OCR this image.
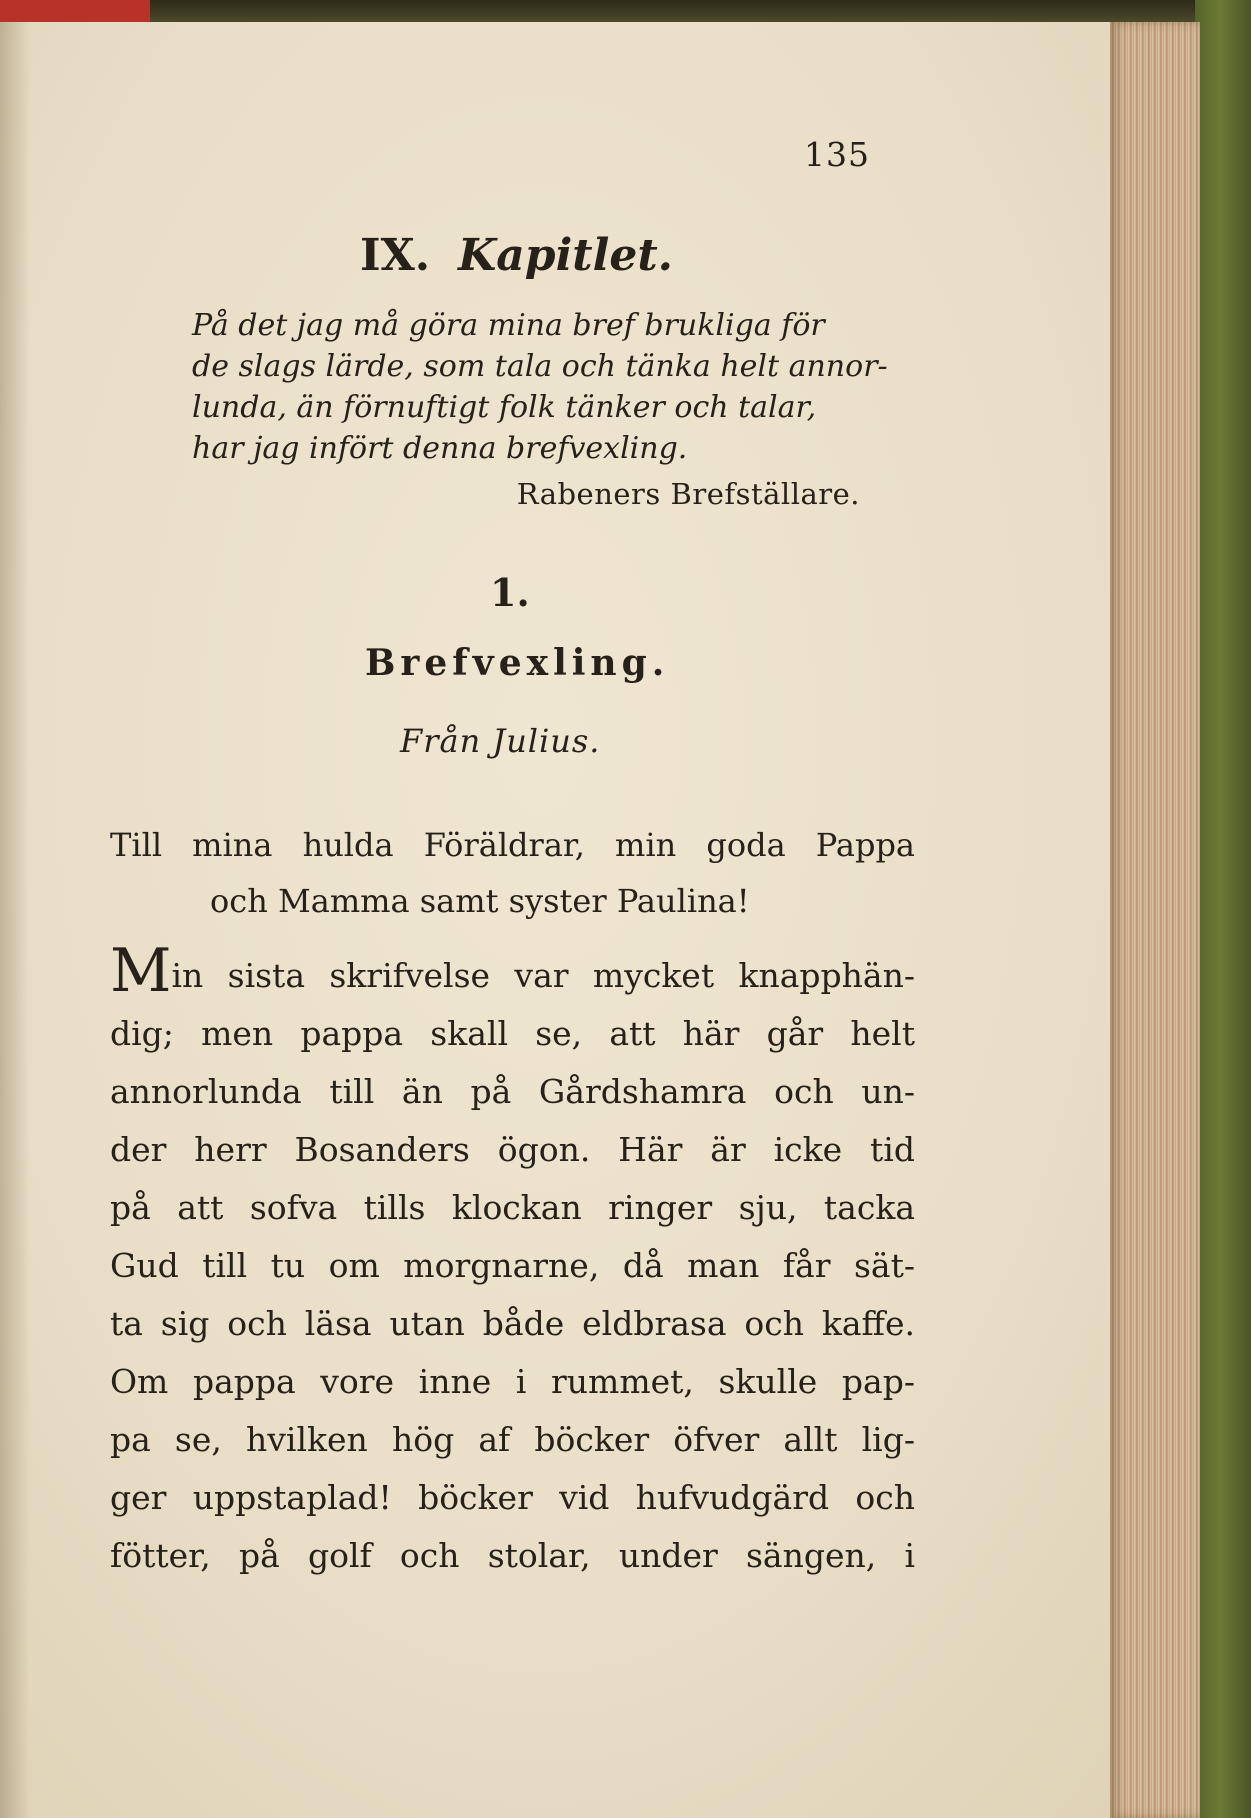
135
IX. Kapitlet.
På det jag må göra mina bref brukliga för
de slags lärde, som tala och tänka helt annor-
lunda, än förnuftigt folk tänker och talar,
har jag infört denna brefvexling.
Rabeners Brefställare.
1.
Brefvexling.
Från Julius.
Till mina hulda Föräldrar, min goda Pappa
och Mamma samt syster Paulina!
Min sista skrifvelse var mycket knapphän-
dig; men pappa skall se, att här går helt
annorlunda till än på Gårdshamra och un-
der herr Bosanders ögon. Här är icke tid
på att sofva tills klockan ringer sju, tacka
Gud till tu om morgnarne, då man får sät-
ta sig och läsa utan både eldbrasa och kaffe.
Om pappa vore inne i rummet, skulle pap-
pa se, hvilken hög af böcker öfver allt lig-
ger uppstaplad! böcker vid hufvudgärd och
fötter, på golf och stolar, under sängen, i
